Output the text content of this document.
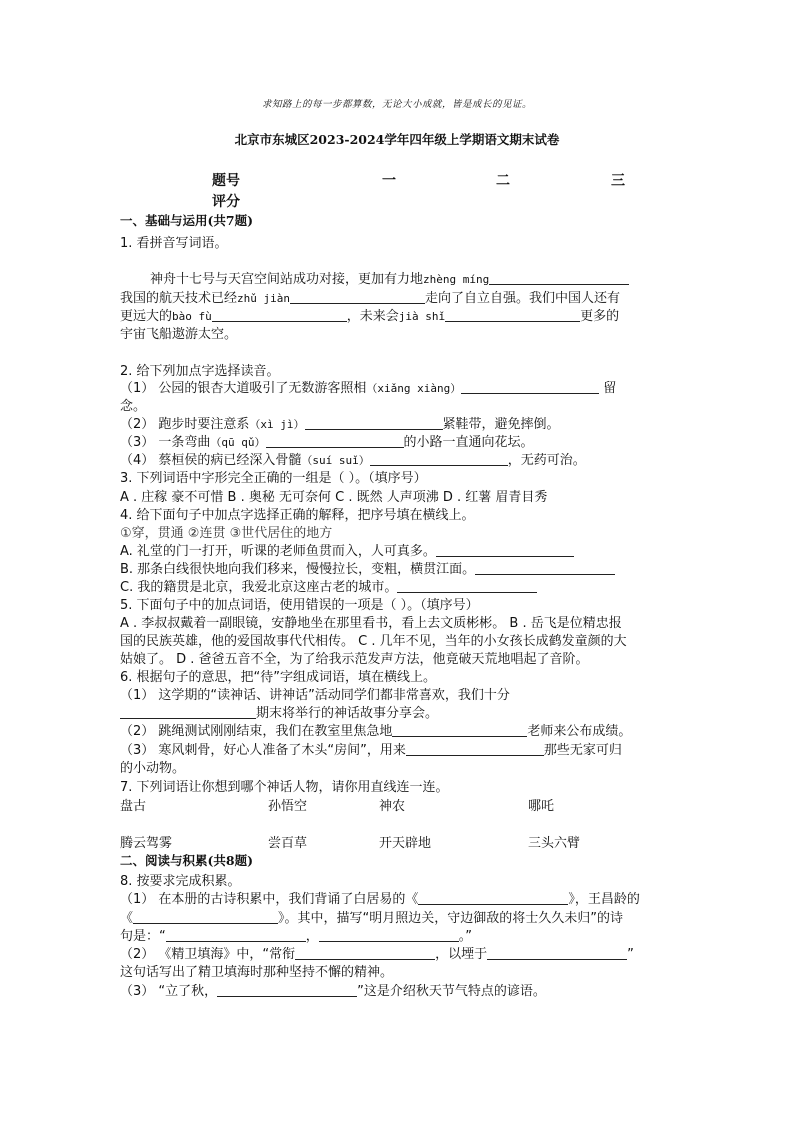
求知路上的每一步都算数，无论大小成就，皆是成长的见证。
北京市东城区2023-2024学年四年级上学期语文期末试卷
题号	一	二	三
评分
一、基础与运用(共7题)
1. 看拼音写词语。
神舟十七号与天宫空间站成功对接，更加有力地zhèng míng
我国的航天技术已经zhǔ jiàn	走向了自立自强。我们中国人还有
更远大的bào fù	，未来会jià shǐ	更多的
宇宙飞船遨游太空。
2. 给下列加点字选择读音。
（1） 公园的银杏大道吸引了无数游客照相（xiǎng xiàng）	留
念。
（2） 跑步时要注意系（xì jì）	紧鞋带，避免摔倒。
（3） 一条弯曲（qū qǔ）	的小路一直通向花坛。
（4） 蔡桓侯的病已经深入骨髓（suí suǐ）	，无药可治。
3. 下列词语中字形完全正确的一组是（ ）。（填序号）
A . 庄稼 豪不可惜 B . 奥秘 无可奈何 C . 既然 人声项沸 D . 红薯 眉青目秀
4. 给下面句子中加点字选择正确的解释，把序号填在横线上。
①穿，贯通 ②连贯 ③世代居住的地方
A. 礼堂的门一打开，听课的老师鱼贯而入，人可真多。
B. 那条白线很快地向我们移来，慢慢拉长，变粗，横贯江面。
C. 我的籍贯是北京，我爱北京这座古老的城市。
5. 下面句子中的加点词语，使用错误的一项是（ ）。（填序号）
A . 李叔叔戴着一副眼镜，安静地坐在那里看书，看上去文质彬彬。 B . 岳飞是位精忠报
国的民族英雄，他的爱国故事代代相传。 C . 几年不见，当年的小女孩长成鹤发童颜的大
姑娘了。 D . 爸爸五音不全，为了给我示范发声方法，他竟破天荒地唱起了音阶。
6. 根据句子的意思，把“待”字组成词语，填在横线上。
（1） 这学期的“读神话、讲神话”活动同学们都非常喜欢，我们十分
期末将举行的神话故事分享会。
（2） 跳绳测试刚刚结束，我们在教室里焦急地	老师来公布成绩。
（3） 寒风刺骨，好心人准备了木头“房间”，用来	那些无家可归
的小动物。
7. 下列词语让你想到哪个神话人物，请你用直线连一连。
盘古	孙悟空	神农	哪吒
腾云驾雾	尝百草	开天辟地	三头六臂
二、阅读与积累(共8题)
8. 按要求完成积累。
（1） 在本册的古诗积累中，我们背诵了白居易的《	》，王昌龄的
《	》。其中，描写“明月照边关，守边御敌的将士久久未归”的诗
句是：“	，	。”
（2） 《精卫填海》中，“常衔	，以堙于	”
这句话写出了精卫填海时那种坚持不懈的精神。
（3） “立了秋，	”这是介绍秋天节气特点的谚语。
